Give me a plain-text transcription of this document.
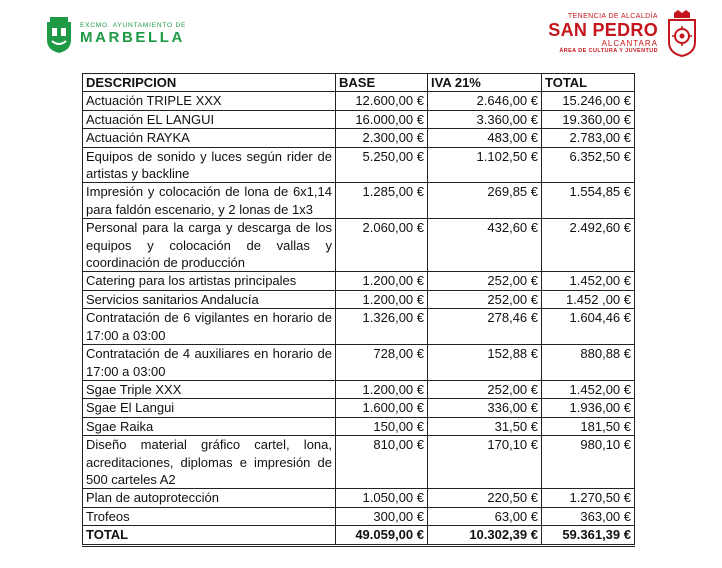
EXCMO. AYUNTAMIENTO DE
MARBELLA
TENENCIA DE ALCALDÍA
SAN PEDRO
ALCANTARA
ÁREA DE CULTURA Y JUVENTUD
DESCRIPCION	BASE	IVA 21%	TOTAL
Actuación TRIPLE XXX	12.600,00 €	2.646,00 €	15.246,00 €
Actuación EL LANGUI	16.000,00 €	3.360,00 €	19.360,00 €
Actuación RAYKA	2.300,00 €	483,00 €	2.783,00 €
Equipos de sonido y luces según rider de artistas y backline	5.250,00 €	1.102,50 €	6.352,50 €
Impresión y colocación de lona de 6x1,14 para faldón escenario, y 2 lonas de 1x3	1.285,00 €	269,85 €	1.554,85 €
Personal para la carga y descarga de los equipos y colocación de vallas y coordinación de producción	2.060,00 €	432,60 €	2.492,60 €
Catering para los artistas principales	1.200,00 €	252,00 €	1.452,00 €
Servicios sanitarios Andalucía	1.200,00 €	252,00 €	1.452 ,00 €
Contratación de 6 vigilantes en horario de 17:00 a 03:00	1.326,00 €	278,46 €	1.604,46 €
Contratación de 4 auxiliares en horario de 17:00 a 03:00	728,00 €	152,88 €	880,88 €
Sgae Triple XXX	1.200,00 €	252,00 €	1.452,00 €
Sgae El Langui	1.600,00 €	336,00 €	1.936,00 €
Sgae Raika	150,00 €	31,50 €	181,50 €
Diseño material gráfico cartel, lona, acreditaciones, diplomas e impresión de 500 carteles A2	810,00 €	170,10 €	980,10 €
Plan de autoprotección	1.050,00 €	220,50 €	1.270,50 €
Trofeos	300,00 €	63,00 €	363,00 €
TOTAL	49.059,00 €	10.302,39 €	59.361,39 €
